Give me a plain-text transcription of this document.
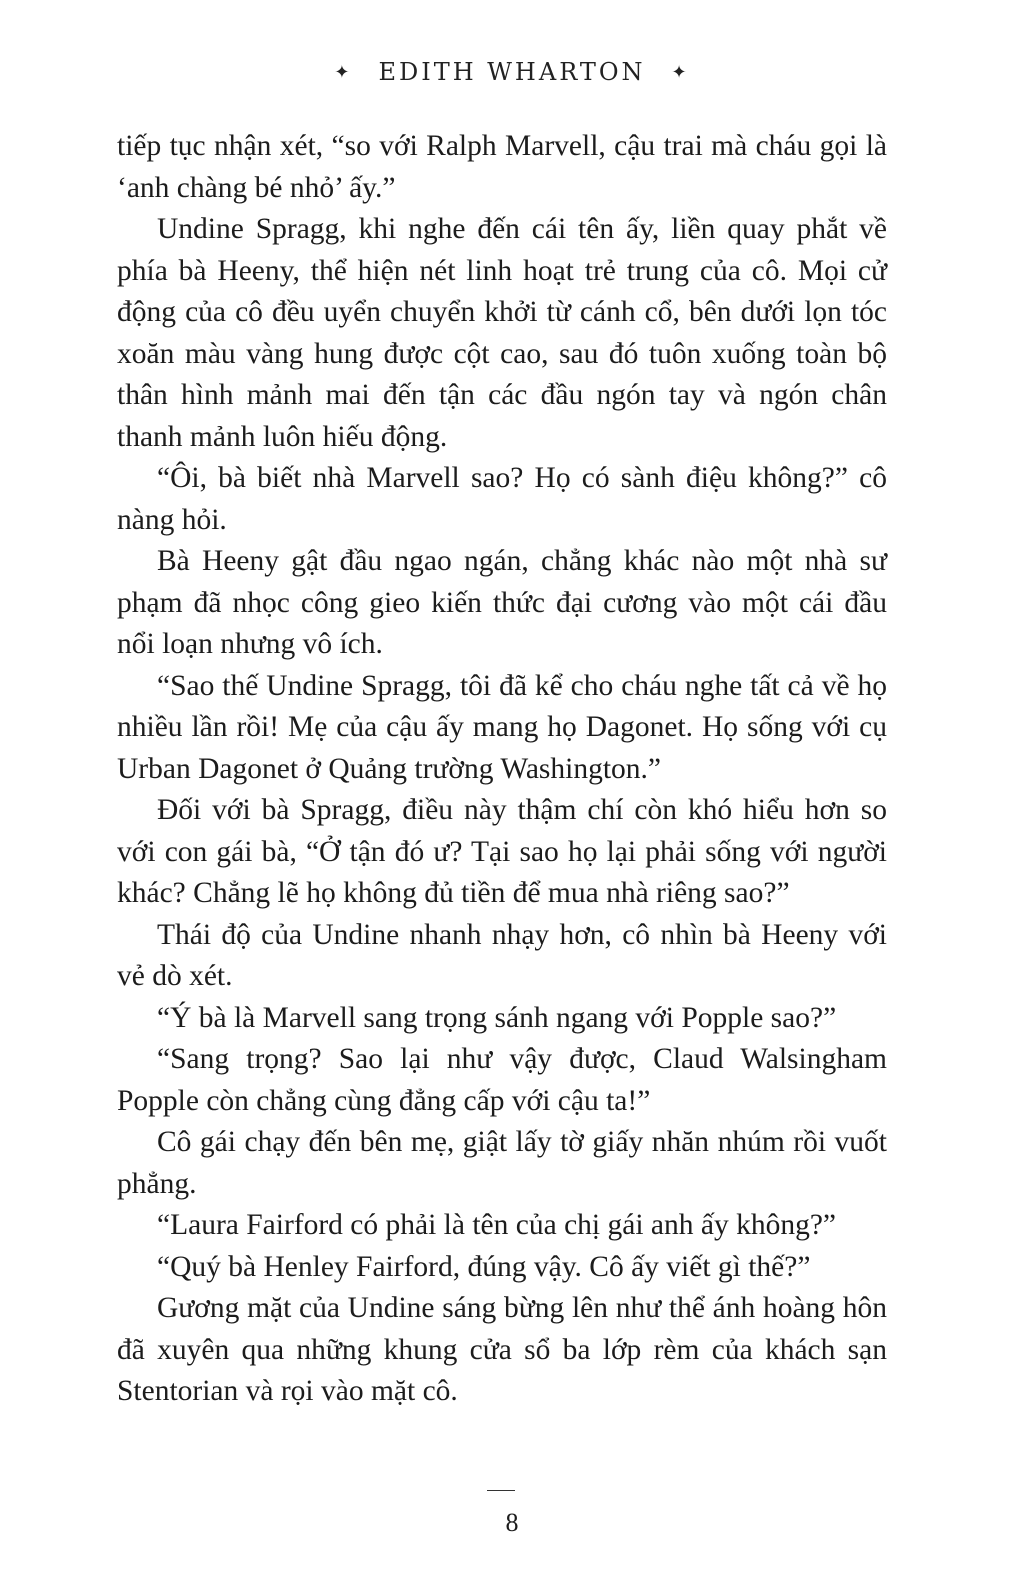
✦ EDITH WHARTON ✦

tiếp tục nhận xét, “so với Ralph Marvell, cậu trai mà cháu gọi là ‘anh chàng bé nhỏ’ ấy.”

Undine Spragg, khi nghe đến cái tên ấy, liền quay phắt về phía bà Heeny, thể hiện nét linh hoạt trẻ trung của cô. Mọi cử động của cô đều uyển chuyển khởi từ cánh cổ, bên dưới lọn tóc xoăn màu vàng hung được cột cao, sau đó tuôn xuống toàn bộ thân hình mảnh mai đến tận các đầu ngón tay và ngón chân thanh mảnh luôn hiếu động.

“Ôi, bà biết nhà Marvell sao? Họ có sành điệu không?” cô nàng hỏi.

Bà Heeny gật đầu ngao ngán, chẳng khác nào một nhà sư phạm đã nhọc công gieo kiến thức đại cương vào một cái đầu nổi loạn nhưng vô ích.

“Sao thế Undine Spragg, tôi đã kể cho cháu nghe tất cả về họ nhiều lần rồi! Mẹ của cậu ấy mang họ Dagonet. Họ sống với cụ Urban Dagonet ở Quảng trường Washington.”

Đối với bà Spragg, điều này thậm chí còn khó hiểu hơn so với con gái bà, “Ở tận đó ư? Tại sao họ lại phải sống với người khác? Chẳng lẽ họ không đủ tiền để mua nhà riêng sao?”

Thái độ của Undine nhanh nhạy hơn, cô nhìn bà Heeny với vẻ dò xét.

“Ý bà là Marvell sang trọng sánh ngang với Popple sao?”

“Sang trọng? Sao lại như vậy được, Claud Walsingham Popple còn chẳng cùng đẳng cấp với cậu ta!”

Cô gái chạy đến bên mẹ, giật lấy tờ giấy nhăn nhúm rồi vuốt phẳng.

“Laura Fairford có phải là tên của chị gái anh ấy không?”

“Quý bà Henley Fairford, đúng vậy. Cô ấy viết gì thế?”

Gương mặt của Undine sáng bừng lên như thể ánh hoàng hôn đã xuyên qua những khung cửa sổ ba lớp rèm của khách sạn Stentorian và rọi vào mặt cô.

8
